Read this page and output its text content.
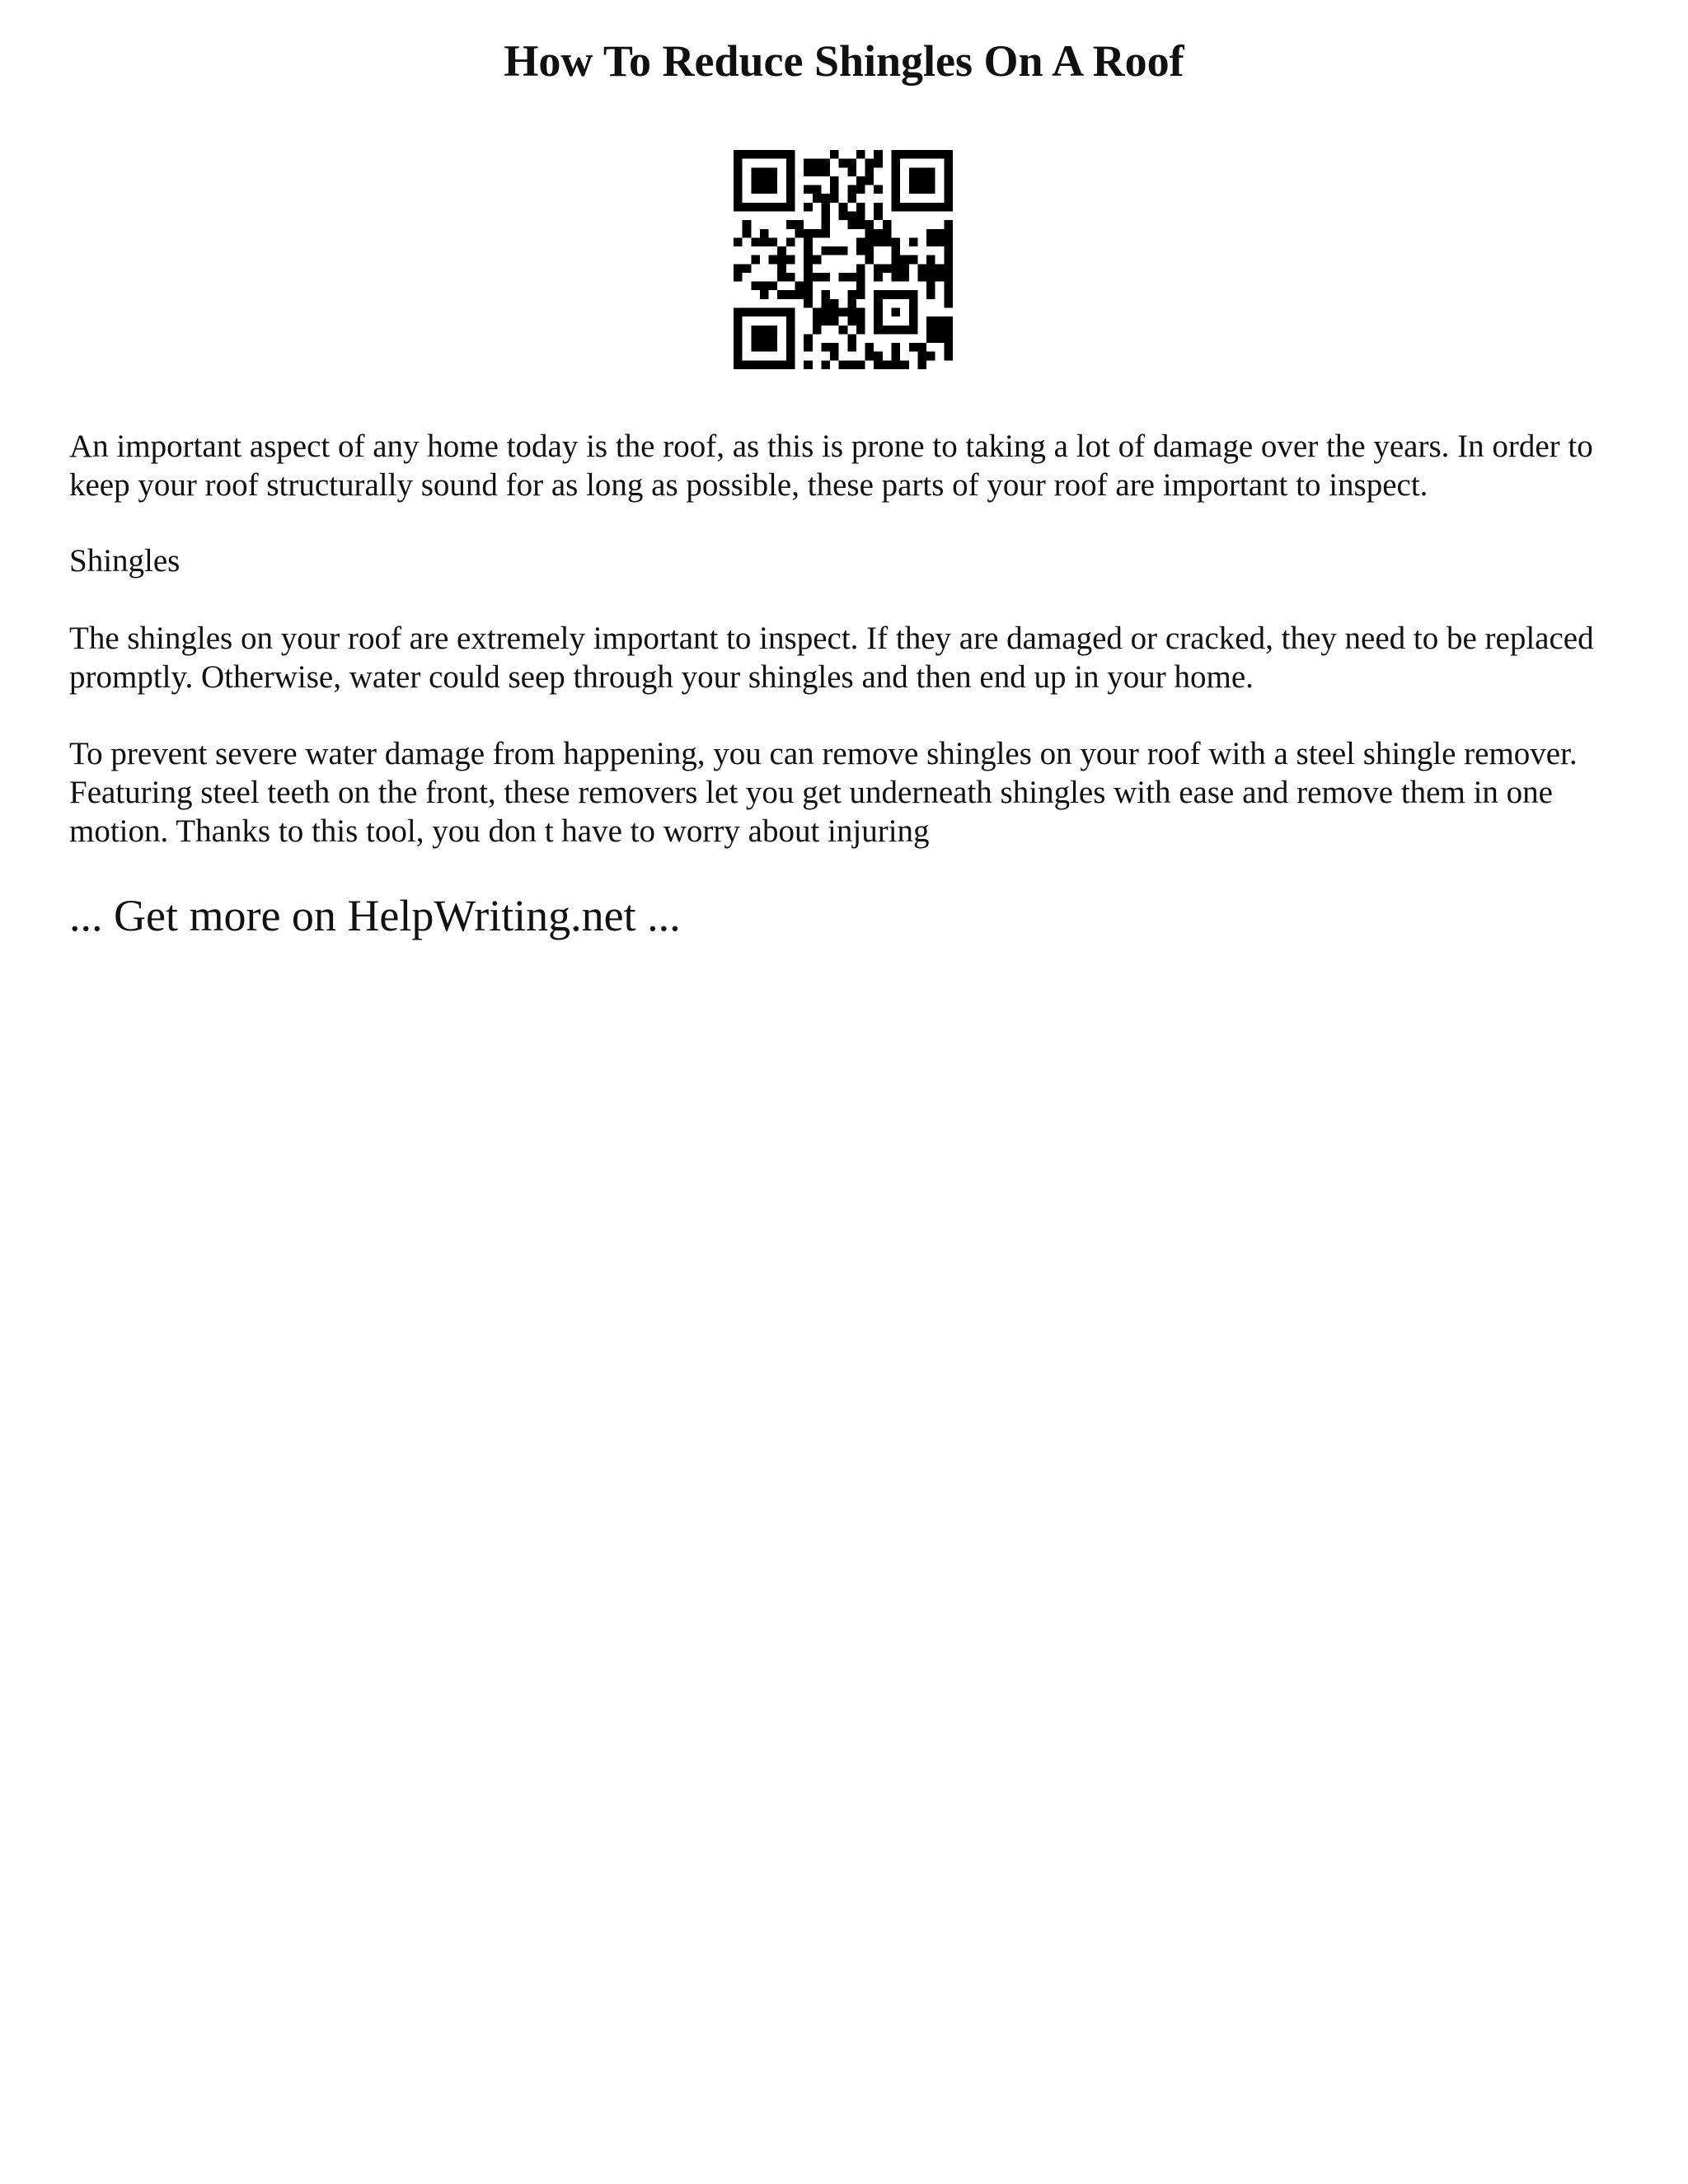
How To Reduce Shingles On A Roof

An important aspect of any home today is the roof, as this is prone to taking a lot of damage over the years. In order to keep your roof structurally sound for as long as possible, these parts of your roof are important to inspect.

Shingles

The shingles on your roof are extremely important to inspect. If they are damaged or cracked, they need to be replaced promptly. Otherwise, water could seep through your shingles and then end up in your home.

To prevent severe water damage from happening, you can remove shingles on your roof with a steel shingle remover. Featuring steel teeth on the front, these removers let you get underneath shingles with ease and remove them in one motion. Thanks to this tool, you don t have to worry about injuring

... Get more on HelpWriting.net ...
